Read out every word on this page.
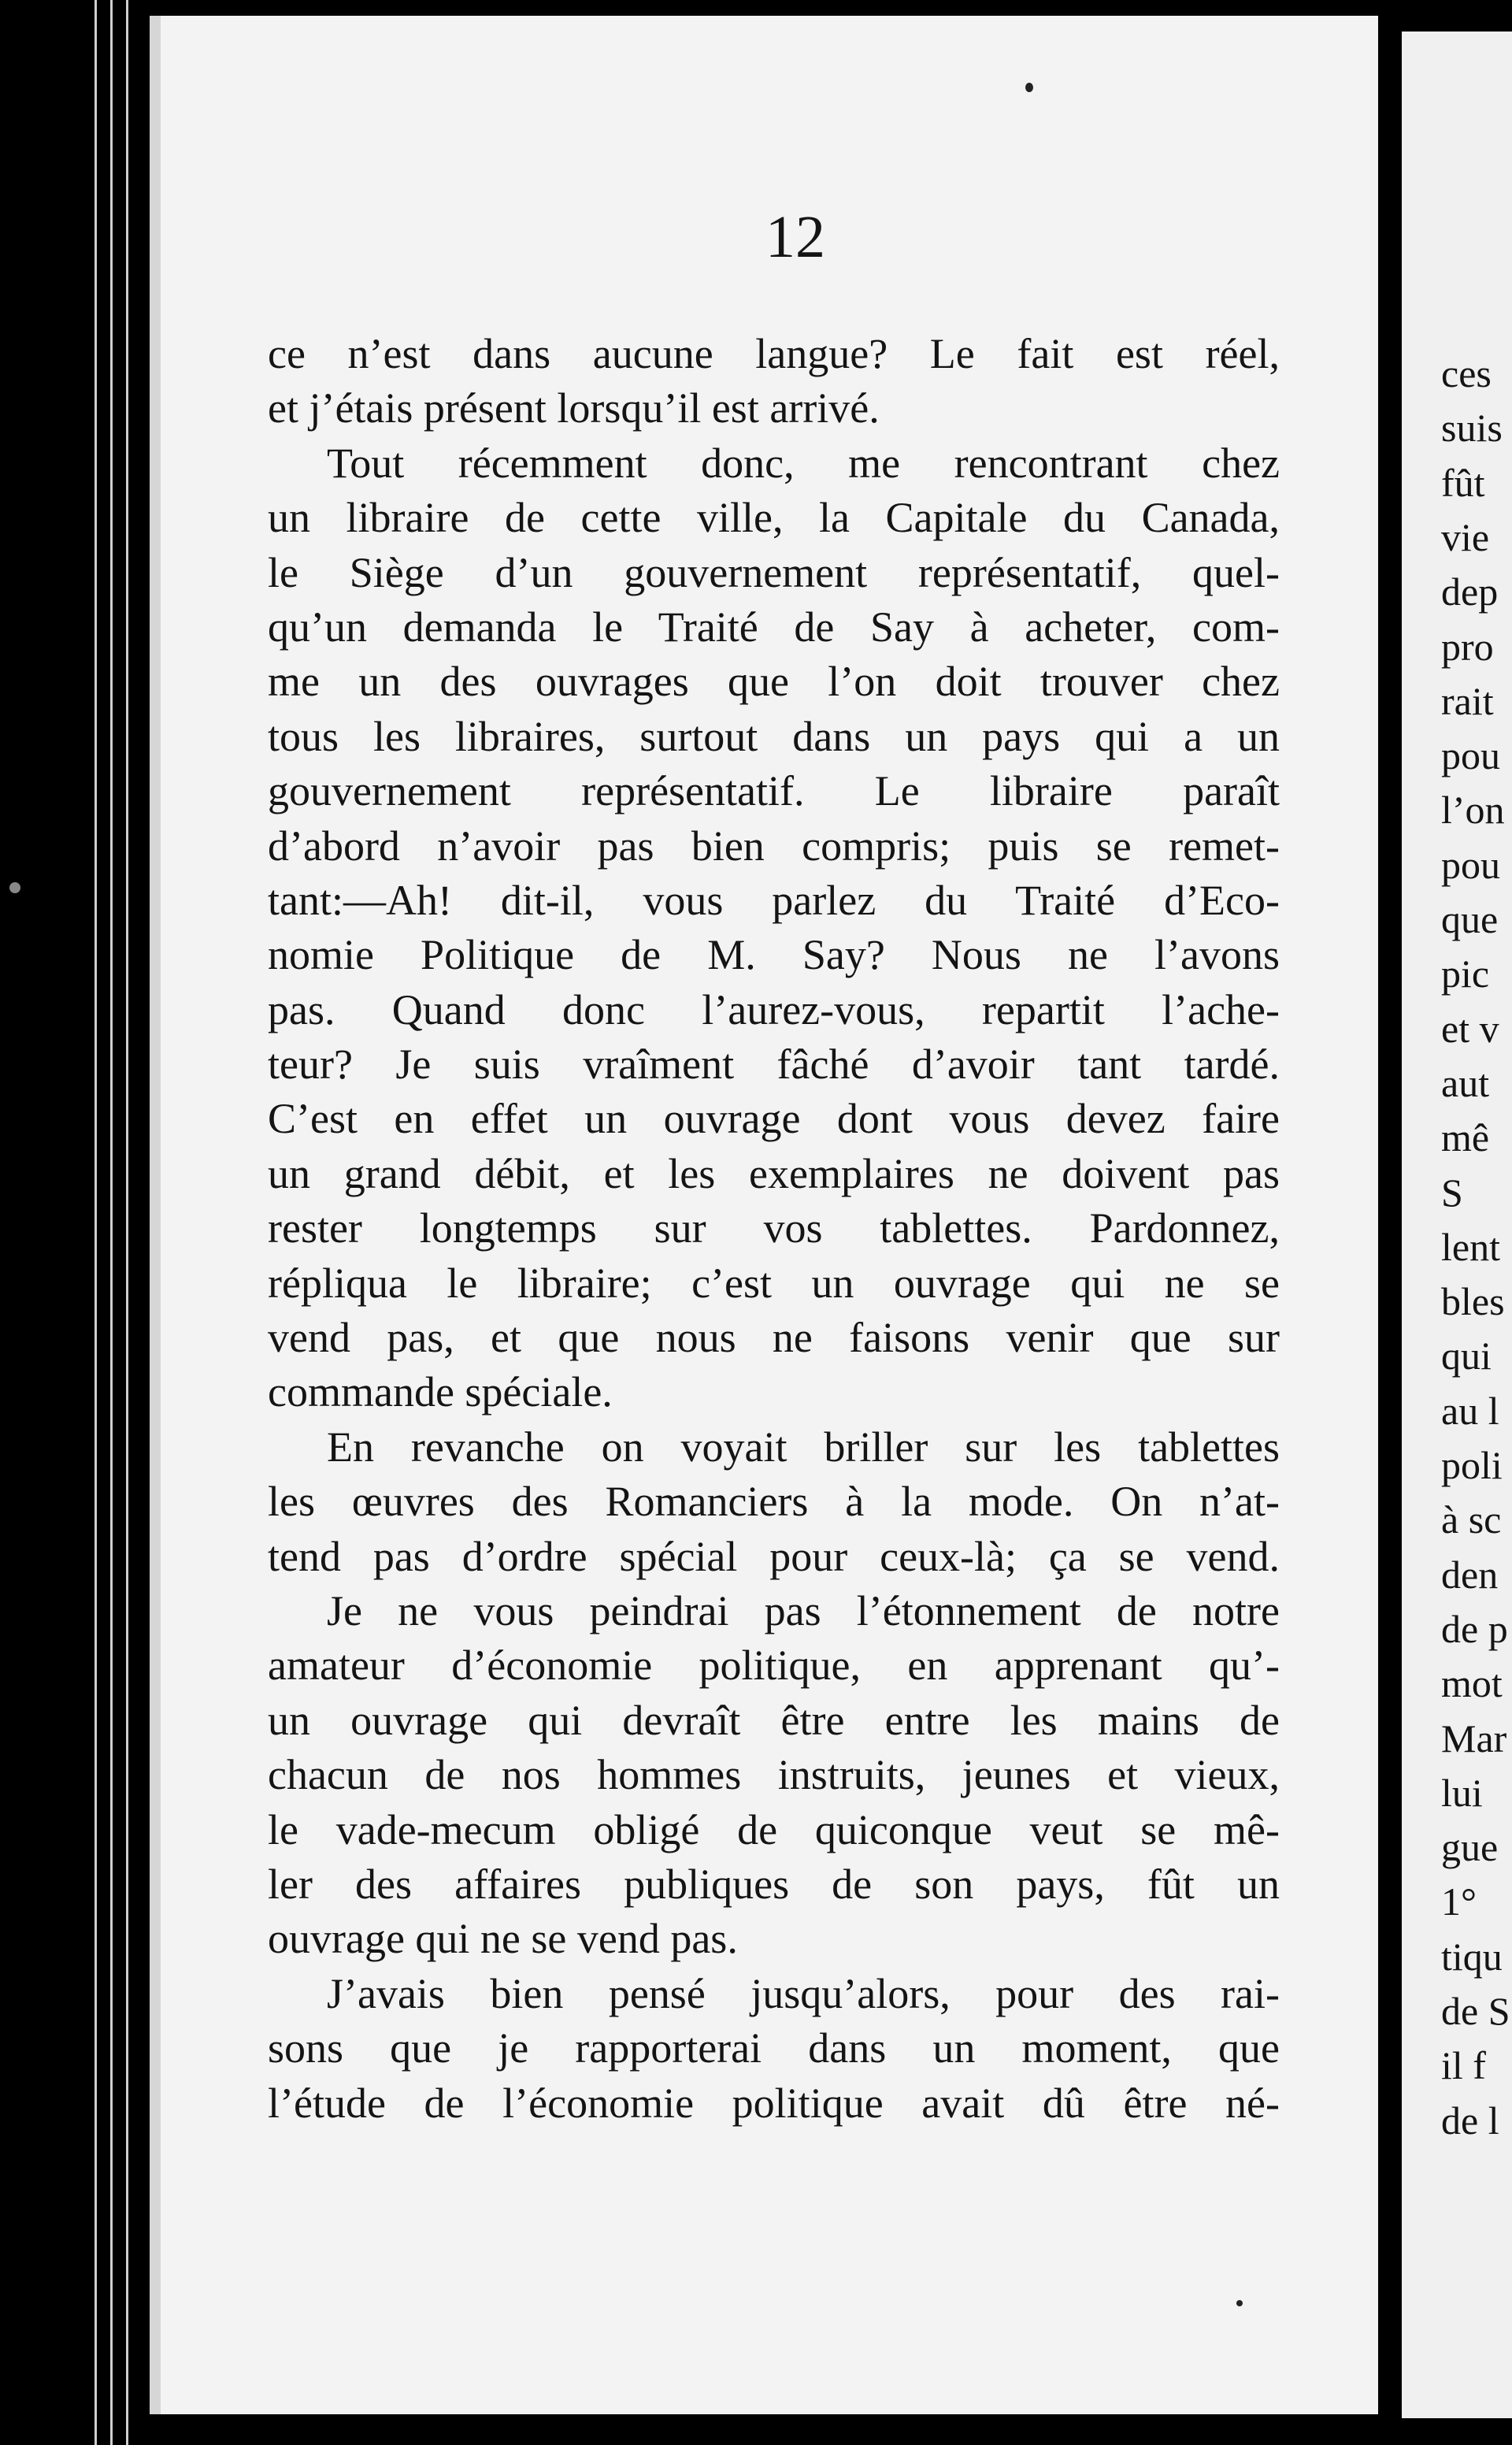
ces
suis
fût
vie
dep
pro
rait
pou
l’on
pou
que
pic
et v
aut
mê
S
lent
bles
qui
au l
poli
à sc
den
de p
mot
Mar
lui
gue
1°
tiqu
de S
il f
de l
12
ce n’est dans aucune langue? Le fait est réel,
et j’étais présent lorsqu’il est arrivé.
Tout récemment donc, me rencontrant chez
un libraire de cette ville, la Capitale du Canada,
le Siège d’un gouvernement représentatif, quel-
qu’un demanda le Traité de Say à acheter, com-
me un des ouvrages que l’on doit trouver chez
tous les libraires, surtout dans un pays qui a un
gouvernement représentatif. Le libraire paraît
d’abord n’avoir pas bien compris; puis se remet-
tant:—Ah! dit-il, vous parlez du Traité d’Eco-
nomie Politique de M. Say? Nous ne l’avons
pas. Quand donc l’aurez-vous, repartit l’ache-
teur? Je suis vraîment fâché d’avoir tant tardé.
C’est en effet un ouvrage dont vous devez faire
un grand débit, et les exemplaires ne doivent pas
rester longtemps sur vos tablettes. Pardonnez,
répliqua le libraire; c’est un ouvrage qui ne se
vend pas, et que nous ne faisons venir que sur
commande spéciale.
En revanche on voyait briller sur les tablettes
les œuvres des Romanciers à la mode. On n’at-
tend pas d’ordre spécial pour ceux-là; ça se vend.
Je ne vous peindrai pas l’étonnement de notre
amateur d’économie politique, en apprenant qu’-
un ouvrage qui devraît être entre les mains de
chacun de nos hommes instruits, jeunes et vieux,
le vade-mecum obligé de quiconque veut se mê-
ler des affaires publiques de son pays, fût un
ouvrage qui ne se vend pas.
J’avais bien pensé jusqu’alors, pour des rai-
sons que je rapporterai dans un moment, que
l’étude de l’économie politique avait dû être né-
